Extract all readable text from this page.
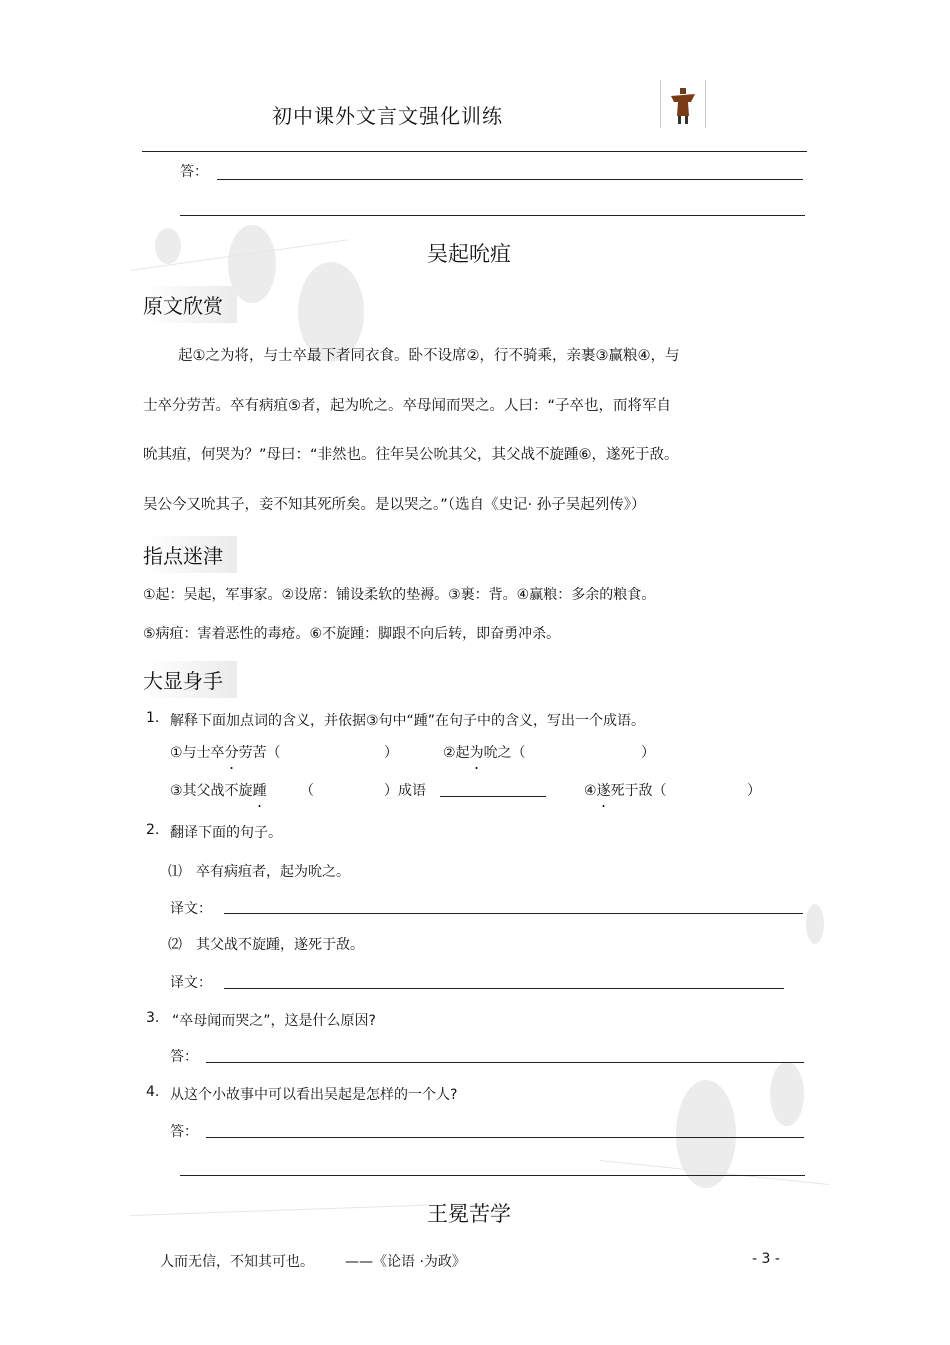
初中课外文言文强化训练
答：
吴起吮疽
原文欣赏
起①之为将，与士卒最下者同衣食。卧不设席②，行不骑乘，亲裹③赢粮④，与
士卒分劳苦。卒有病疽⑤者，起为吮之。卒母闻而哭之。人曰：“子卒也，而将军自
吮其疽，何哭为？”母曰：“非然也。往年吴公吮其父，其父战不旋踵⑥，遂死于敌。
吴公今又吮其子，妾不知其死所矣。是以哭之。”（选自《史记· 孙子吴起列传》）
指点迷津
①起：吴起，军事家。②设席：铺设柔软的垫褥。③裹：背。④赢粮：多余的粮食。
⑤病疽：害着恶性的毒疮。⑥不旋踵：脚跟不向后转，即奋勇冲杀。
大显身手
1. 解释下面加点词的含义，并依据③句中“踵”在句子中的含义，写出一个成语。
①与士卒分劳苦（	）	②起为吮之（	）
③其父战不旋踵 （	）成语	④遂死于敌（	）
2. 翻译下面的句子。
⑴ 卒有病疽者，起为吮之。
译文：
⑵ 其父战不旋踵，遂死于敌。
译文：
3. “卒母闻而哭之”，这是什么原因?
答：
4. 从这个小故事中可以看出吴起是怎样的一个人?
答：
王冕苦学
人而无信，不知其可也。 ——《论语 ·为政》	- 3 -
